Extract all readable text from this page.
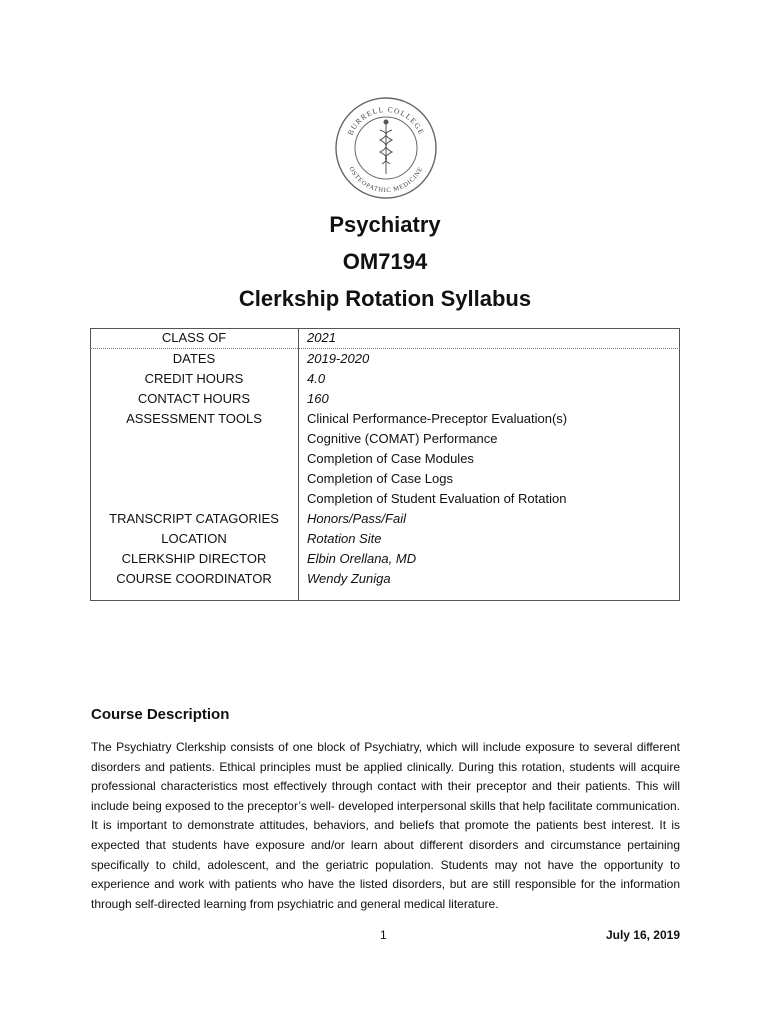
BURRELL COLLEGE
OSTEOPATHIC MEDICINE
Psychiatry
OM7194
Clerkship Rotation Syllabus
CLASS OF	2021
DATES	2019-2020
CREDIT HOURS	4.0
CONTACT HOURS	160
ASSESSMENT TOOLS	Clinical Performance-Preceptor Evaluation(s)
Cognitive (COMAT) Performance
Completion of Case Modules
Completion of Case Logs
Completion of Student Evaluation of Rotation

TRANSCRIPT CATAGORIES	Honors/Pass/Fail
LOCATION	Rotation Site
CLERKSHIP DIRECTOR	Elbin Orellana, MD
COURSE COORDINATOR	Wendy Zuniga
Course Description
The Psychiatry Clerkship consists of one block of Psychiatry, which will include exposure to several different disorders and patients. Ethical principles must be applied clinically. During this rotation, students will acquire professional characteristics most effectively through contact with their preceptor and their patients. This will include being exposed to the preceptor’s well- developed interpersonal skills that help facilitate communication. It is important to demonstrate attitudes, behaviors, and beliefs that promote the patients best interest. It is expected that students have exposure and/or learn about different disorders and circumstance pertaining specifically to child, adolescent, and the geriatric population. Students may not have the opportunity to experience and work with patients who have the listed disorders, but are still responsible for the information through self-directed learning from psychiatric and general medical literature.
1	July 16, 2019
